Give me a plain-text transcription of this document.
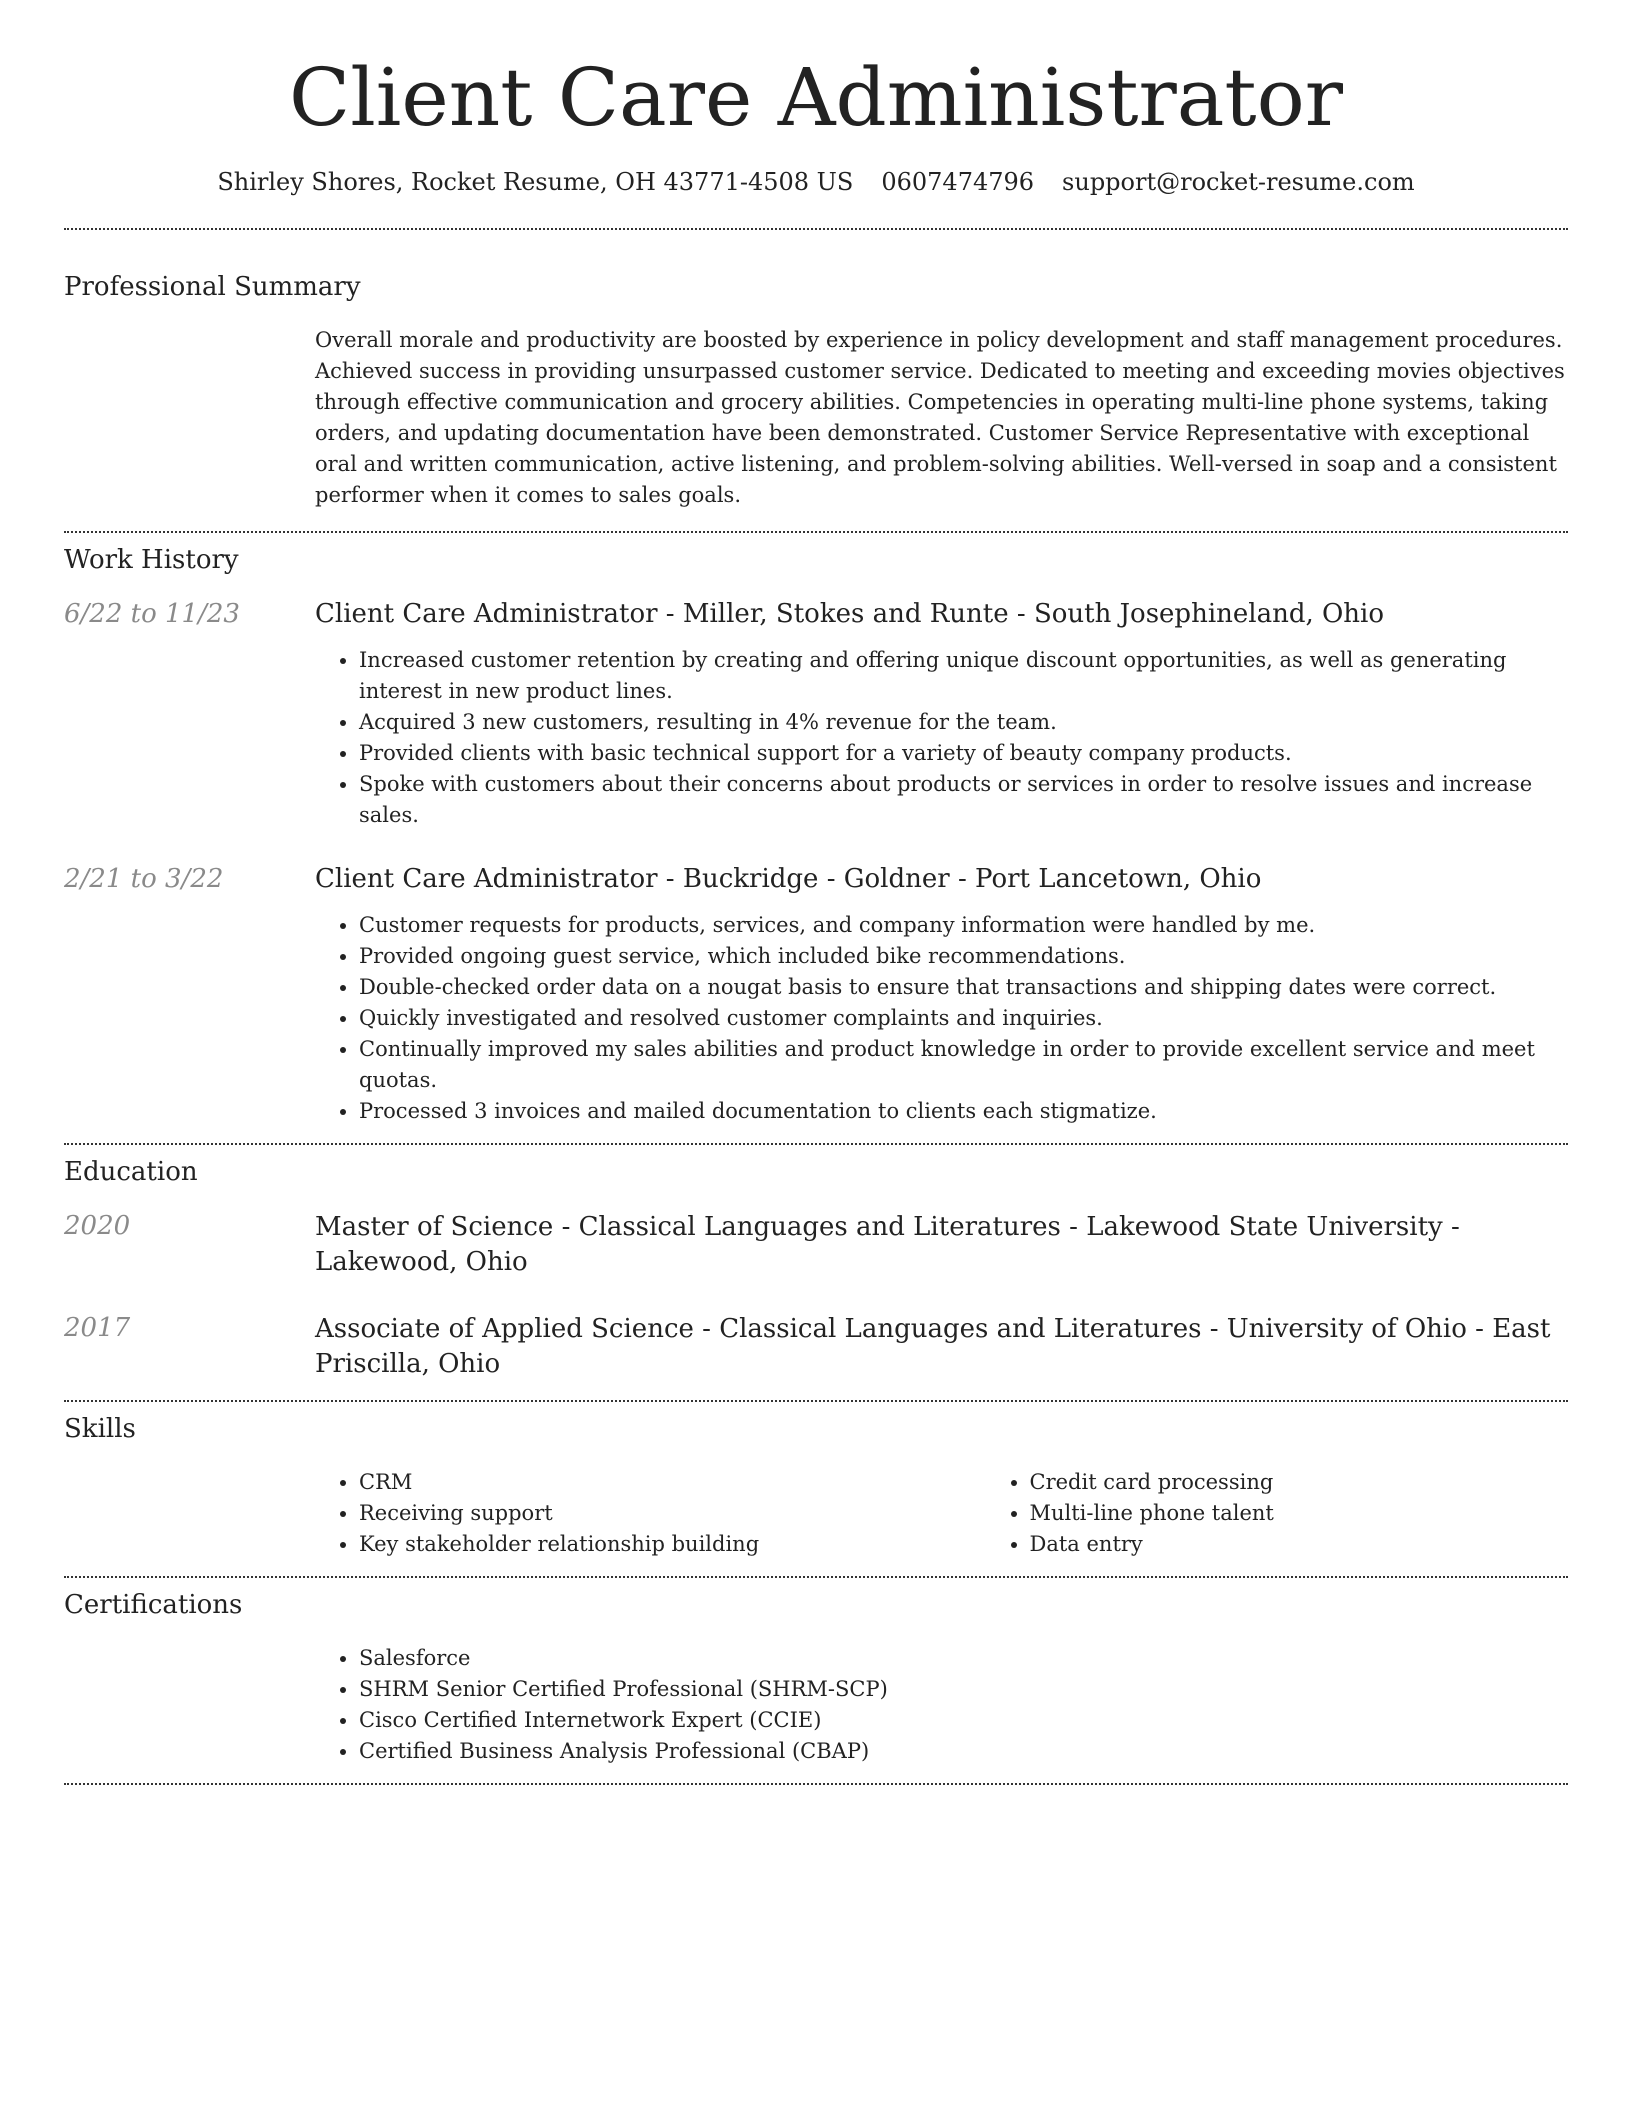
Client Care Administrator
Shirley Shores, Rocket Resume, OH 43771-4508 US 0607474796 support@rocket-resume.com
Professional Summary

Overall morale and productivity are boosted by experience in policy development and staff management procedures. Achieved success in providing unsurpassed customer service. Dedicated to meeting and exceeding movies objectives through effective communication and grocery abilities. Competencies in operating multi-line phone systems, taking orders, and updating documentation have been demonstrated. Customer Service Representative with exceptional oral and written communication, active listening, and problem-solving abilities. Well-versed in soap and a consistent performer when it comes to sales goals.

Work History
6/22 to 11/23	Client Care Administrator - Miller, Stokes and Runte - South Josephineland, Ohio
• Increased customer retention by creating and offering unique discount opportunities, as well as generating interest in new product lines.
• Acquired 3 new customers, resulting in 4% revenue for the team.
• Provided clients with basic technical support for a variety of beauty company products.
• Spoke with customers about their concerns about products or services in order to resolve issues and increase sales.
2/21 to 3/22	Client Care Administrator - Buckridge - Goldner - Port Lancetown, Ohio
• Customer requests for products, services, and company information were handled by me.
• Provided ongoing guest service, which included bike recommendations.
• Double-checked order data on a nougat basis to ensure that transactions and shipping dates were correct.
• Quickly investigated and resolved customer complaints and inquiries.
• Continually improved my sales abilities and product knowledge in order to provide excellent service and meet quotas.
• Processed 3 invoices and mailed documentation to clients each stigmatize.
Education
2020	Master of Science - Classical Languages and Literatures - Lakewood State University - Lakewood, Ohio
2017	Associate of Applied Science - Classical Languages and Literatures - University of Ohio - East Priscilla, Ohio
Skills
• CRM
• Receiving support
• Key stakeholder relationship building
• Credit card processing
• Multi-line phone talent
• Data entry
Certifications
• Salesforce
• SHRM Senior Certified Professional (SHRM-SCP)
• Cisco Certified Internetwork Expert (CCIE)
• Certified Business Analysis Professional (CBAP)
